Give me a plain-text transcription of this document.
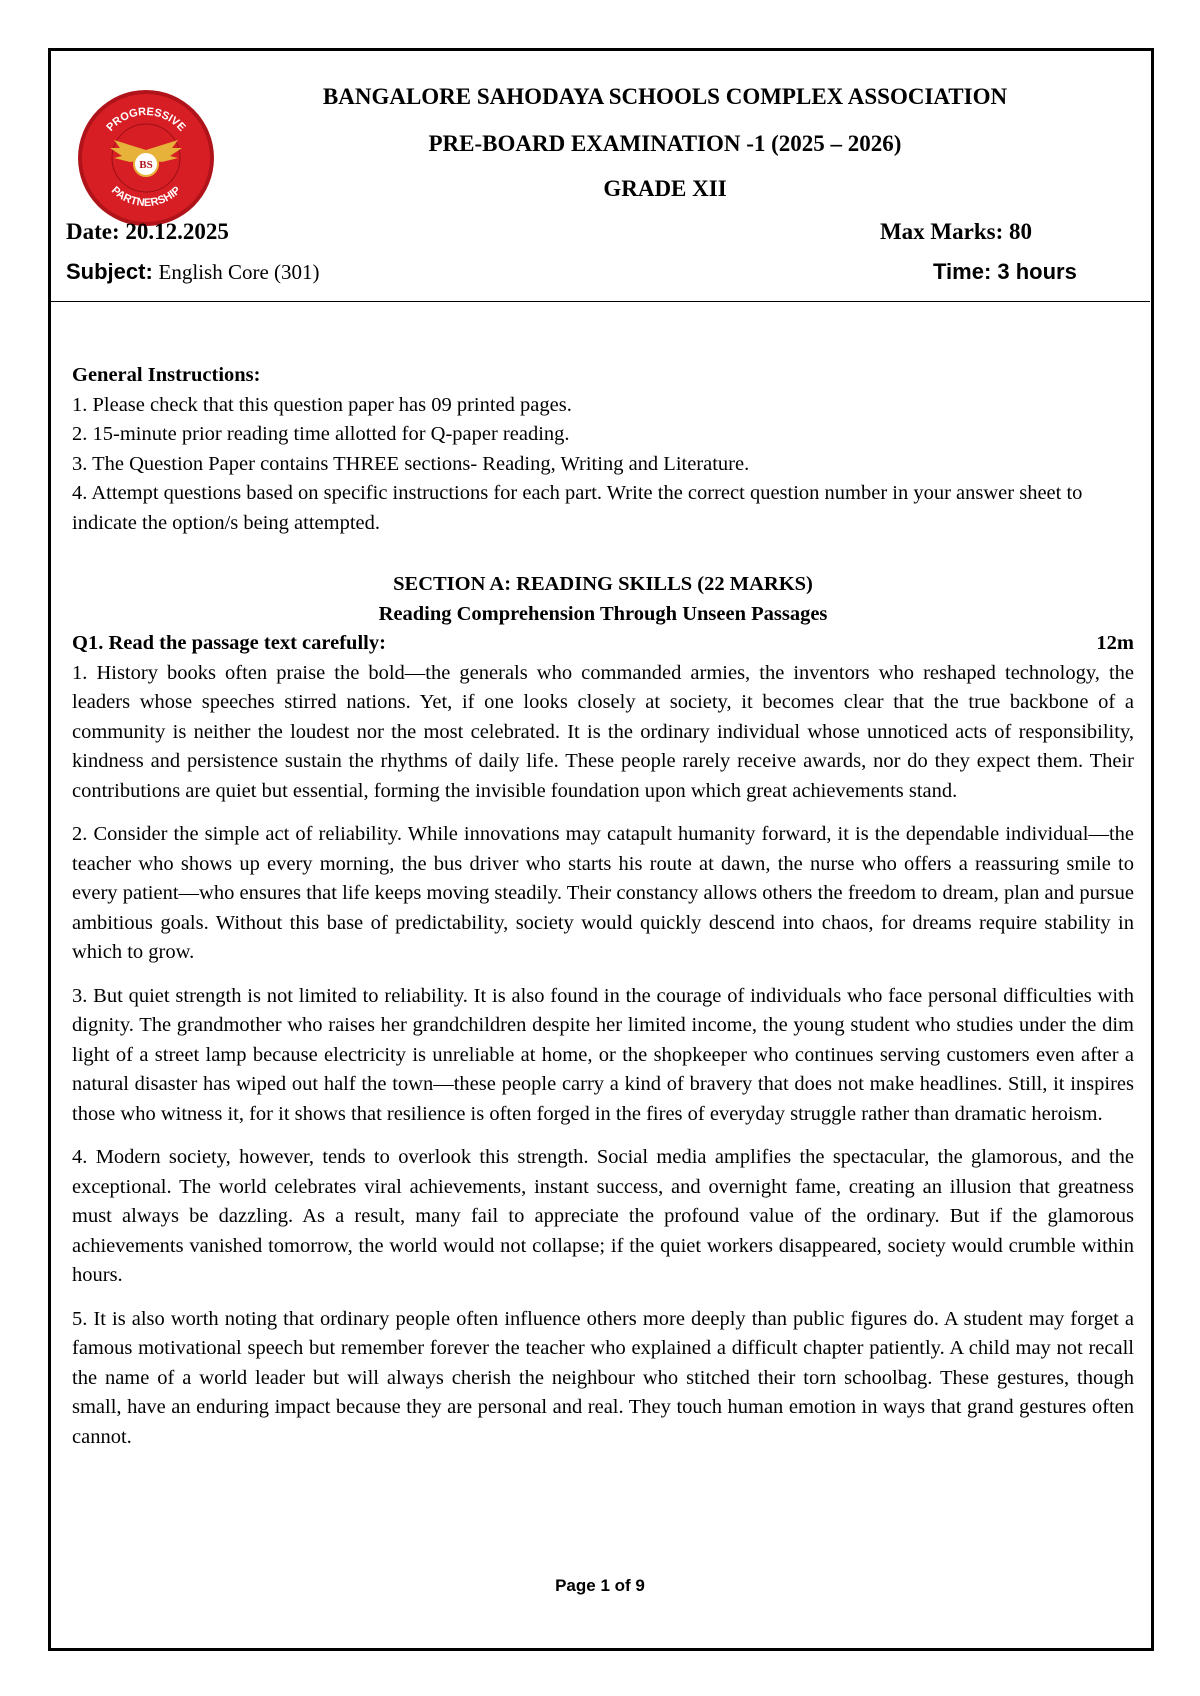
PROGRESSIVE
PARTNERSHIP
BS
BANGALORE SAHODAYA SCHOOLS COMPLEX ASSOCIATION
PRE-BOARD EXAMINATION -1 (2025 – 2026)
GRADE XII
Date: 20.12.2025	Max Marks: 80
Subject: English Core (301)	Time: 3 hours
General Instructions:
1. Please check that this question paper has 09 printed pages.
2. 15-minute prior reading time allotted for Q-paper reading.
3. The Question Paper contains THREE sections- Reading, Writing and Literature.
4. Attempt questions based on specific instructions for each part. Write the correct question number in your answer sheet to indicate the option/s being attempted.
SECTION A: READING SKILLS (22 MARKS)
Reading Comprehension Through Unseen Passages
Q1. Read the passage text carefully:	12m

1. History books often praise the bold—the generals who commanded armies, the inventors who reshaped technology, the leaders whose speeches stirred nations. Yet, if one looks closely at society, it becomes clear that the true backbone of a community is neither the loudest nor the most celebrated. It is the ordinary individual whose unnoticed acts of responsibility, kindness and persistence sustain the rhythms of daily life. These people rarely receive awards, nor do they expect them. Their contributions are quiet but essential, forming the invisible foundation upon which great achievements stand.

2. Consider the simple act of reliability. While innovations may catapult humanity forward, it is the dependable individual—the teacher who shows up every morning, the bus driver who starts his route at dawn, the nurse who offers a reassuring smile to every patient—who ensures that life keeps moving steadily. Their constancy allows others the freedom to dream, plan and pursue ambitious goals. Without this base of predictability, society would quickly descend into chaos, for dreams require stability in which to grow.

3. But quiet strength is not limited to reliability. It is also found in the courage of individuals who face personal difficulties with dignity. The grandmother who raises her grandchildren despite her limited income, the young student who studies under the dim light of a street lamp because electricity is unreliable at home, or the shopkeeper who continues serving customers even after a natural disaster has wiped out half the town—these people carry a kind of bravery that does not make headlines. Still, it inspires those who witness it, for it shows that resilience is often forged in the fires of everyday struggle rather than dramatic heroism.

4. Modern society, however, tends to overlook this strength. Social media amplifies the spectacular, the glamorous, and the exceptional. The world celebrates viral achievements, instant success, and overnight fame, creating an illusion that greatness must always be dazzling. As a result, many fail to appreciate the profound value of the ordinary. But if the glamorous achievements vanished tomorrow, the world would not collapse; if the quiet workers disappeared, society would crumble within hours.

5. It is also worth noting that ordinary people often influence others more deeply than public figures do. A student may forget a famous motivational speech but remember forever the teacher who explained a difficult chapter patiently. A child may not recall the name of a world leader but will always cherish the neighbour who stitched their torn schoolbag. These gestures, though small, have an enduring impact because they are personal and real. They touch human emotion in ways that grand gestures often cannot.

Page 1 of 9
